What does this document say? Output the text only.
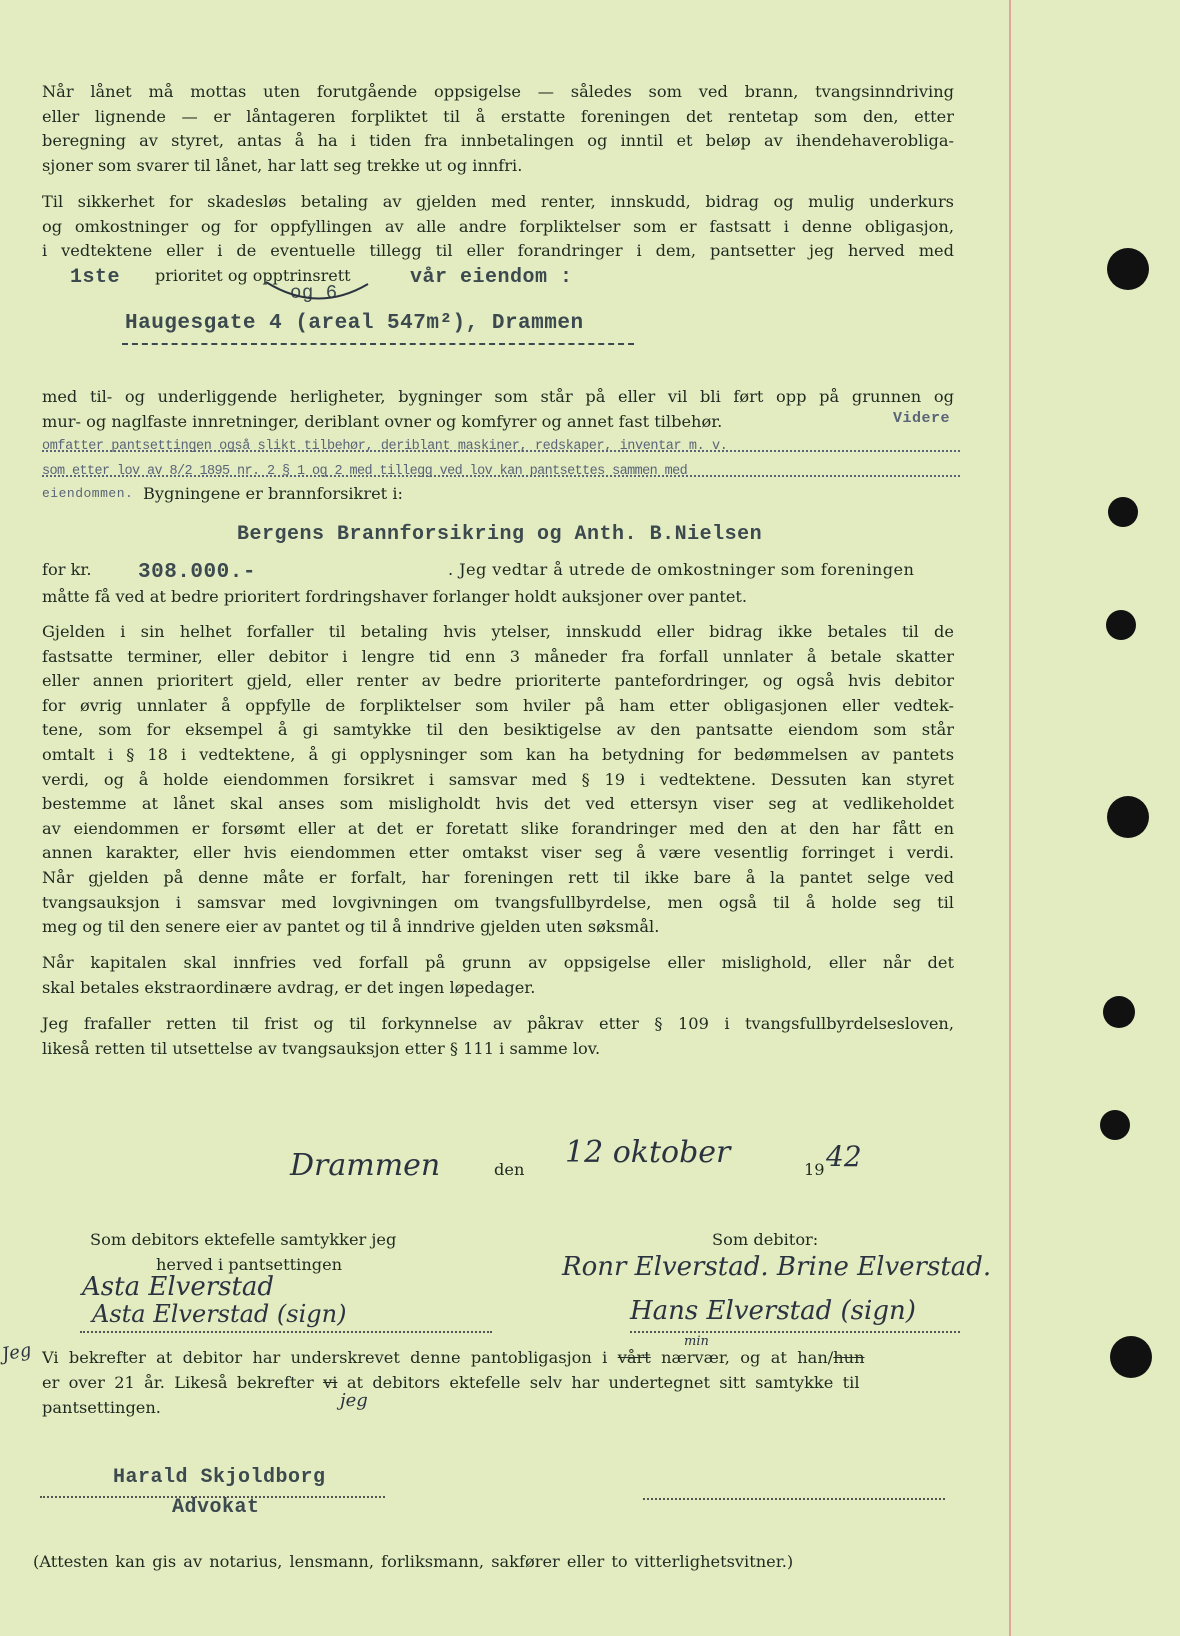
Når lånet må mottas uten forutgående oppsigelse — således som ved brann, tvangsinndriving
eller lignende — er låntageren forpliktet til å erstatte foreningen det rentetap som den, etter
beregning av styret, antas å ha i tiden fra innbetalingen og inntil et beløp av ihendehaverobliga-
sjoner som svarer til lånet, har latt seg trekke ut og innfri.
Til sikkerhet for skadesløs betaling av gjelden med renter, innskudd, bidrag og mulig underkurs
og omkostninger og for oppfyllingen av alle andre forpliktelser som er fastsatt i denne obligasjon,
i vedtektene eller i de eventuelle tillegg til eller forandringer i dem, pantsetter jeg herved med
1ste prioritet og opptrinsrett	vår eiendom :
og 6
Haugesgate 4 (areal 547m²), Drammen
med til- og underliggende herligheter, bygninger som står på eller vil bli ført opp på grunnen og
mur- og naglfaste innretninger, deriblant ovner og komfyrer og annet fast tilbehør.	Videre
omfatter pantsettingen også slikt tilbehør, deriblant maskiner, redskaper, inventar m. v.
som etter lov av 8/2 1895 nr. 2 § 1 og 2 med tillegg ved lov kan pantsettes sammen med
eiendommen. Bygningene er brannforsikret i:
Bergens Brannforsikring og Anth. B.Nielsen
for kr. 308.000.-	. Jeg vedtar å utrede de omkostninger som foreningen
måtte få ved at bedre prioritert fordringshaver forlanger holdt auksjoner over pantet.
Gjelden i sin helhet forfaller til betaling hvis ytelser, innskudd eller bidrag ikke betales til de
fastsatte terminer, eller debitor i lengre tid enn 3 måneder fra forfall unnlater å betale skatter
eller annen prioritert gjeld, eller renter av bedre prioriterte pantefordringer, og også hvis debitor
for øvrig unnlater å oppfylle de forpliktelser som hviler på ham etter obligasjonen eller vedtek-
tene, som for eksempel å gi samtykke til den besiktigelse av den pantsatte eiendom som står
omtalt i § 18 i vedtektene, å gi opplysninger som kan ha betydning for bedømmelsen av pantets
verdi, og å holde eiendommen forsikret i samsvar med § 19 i vedtektene. Dessuten kan styret
bestemme at lånet skal anses som misligholdt hvis det ved ettersyn viser seg at vedlikeholdet
av eiendommen er forsømt eller at det er foretatt slike forandringer med den at den har fått en
annen karakter, eller hvis eiendommen etter omtakst viser seg å være vesentlig forringet i verdi.
Når gjelden på denne måte er forfalt, har foreningen rett til ikke bare å la pantet selge ved
tvangsauksjon i samsvar med lovgivningen om tvangsfullbyrdelse, men også til å holde seg til
meg og til den senere eier av pantet og til å inndrive gjelden uten søksmål.
Når kapitalen skal innfries ved forfall på grunn av oppsigelse eller mislighold, eller når det
skal betales ekstraordinære avdrag, er det ingen løpedager.
Jeg frafaller retten til frist og til forkynnelse av påkrav etter § 109 i tvangsfullbyrdelsesloven,
likeså retten til utsettelse av tvangsauksjon etter § 111 i samme lov.
Drammen	den 12 oktober	19 42
Som debitors ektefelle samtykker jeg
herved i pantsettingen
Asta Elverstad
Asta Elverstad (sign)
Som debitor:
Ronr Elverstad. Brine Elverstad.
Hans Elverstad (sign)
Jeg Vi bekrefter at debitor har underskrevet denne pantobligasjon i vårt nærvær, og at han/hun
min
er over 21 år. Likeså bekrefter vi at debitors ektefelle selv har undertegnet sitt samtykke til
jeg
pantsettingen.
Harald Skjoldborg
Advokat
(Attesten kan gis av notarius, lensmann, forliksmann, sakfører eller to vitterlighetsvitner.)
